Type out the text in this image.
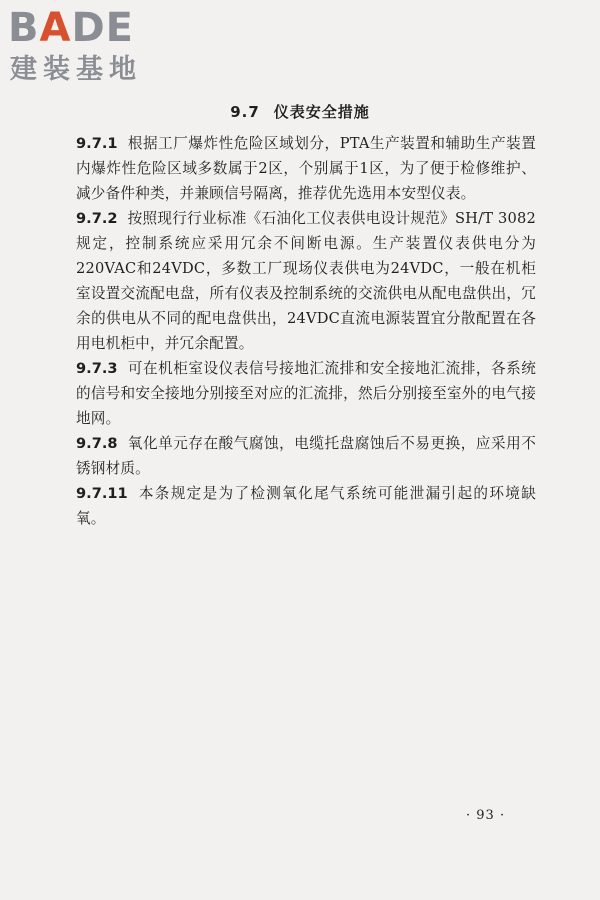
BADE
建装基地
9.7 仪表安全措施

9.7.1 根据工厂爆炸性危险区域划分，PTA生产装置和辅助生产装置内爆炸性危险区域多数属于2区，个别属于1区，为了便于检修维护、减少备件种类，并兼顾信号隔离，推荐优先选用本安型仪表。

9.7.2 按照现行行业标准《石油化工仪表供电设计规范》SH/T 3082规定，控制系统应采用冗余不间断电源。生产装置仪表供电分为220VAC和24VDC，多数工厂现场仪表供电为24VDC，一般在机柜室设置交流配电盘，所有仪表及控制系统的交流供电从配电盘供出，冗余的供电从不同的配电盘供出，24VDC直流电源装置宜分散配置在各用电机柜中，并冗余配置。

9.7.3 可在机柜室设仪表信号接地汇流排和安全接地汇流排，各系统的信号和安全接地分别接至对应的汇流排，然后分别接至室外的电气接地网。

9.7.8 氧化单元存在酸气腐蚀，电缆托盘腐蚀后不易更换，应采用不锈钢材质。

9.7.11 本条规定是为了检测氧化尾气系统可能泄漏引起的环境缺氧。

· 93 ·
